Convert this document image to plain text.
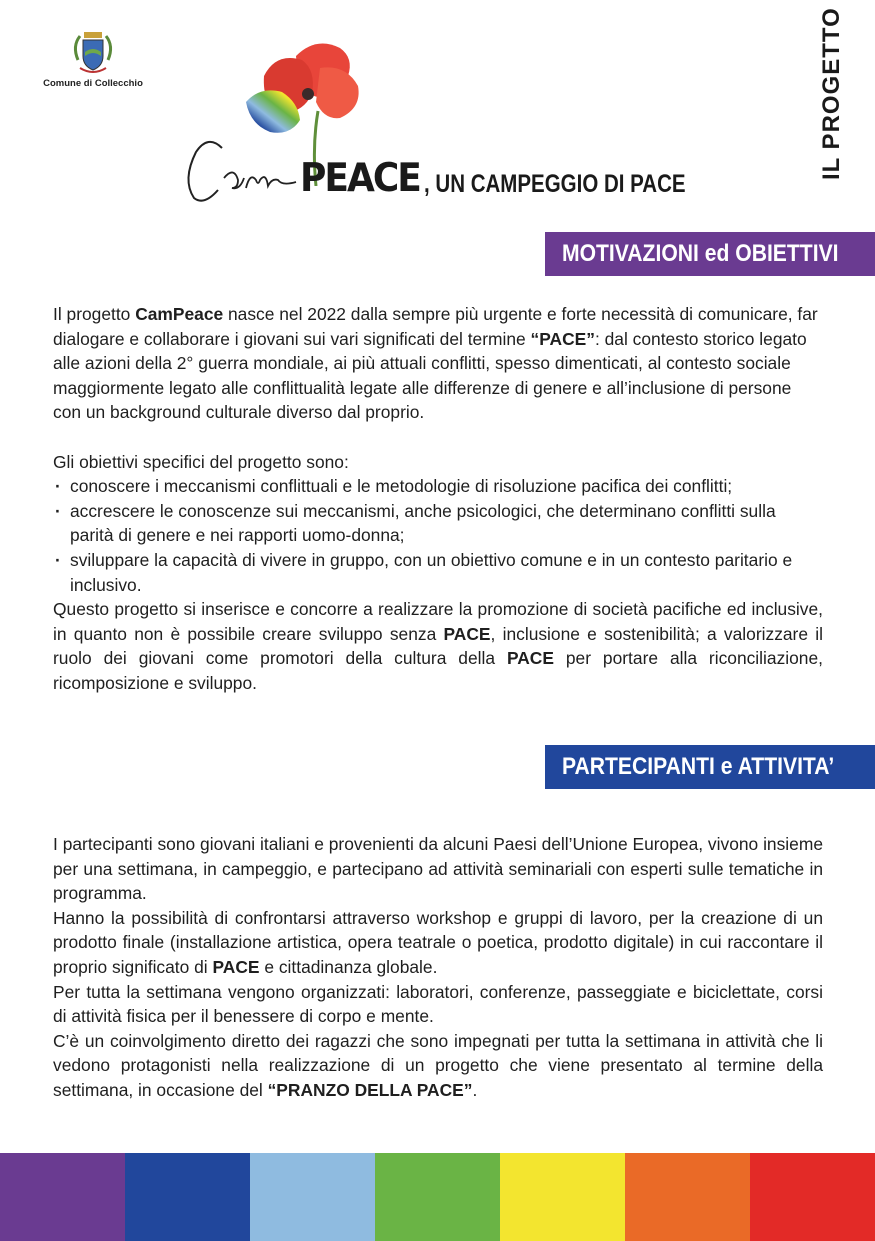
Comune di Collecchio
Cam
PEACE , UN CAMPEGGIO DI PACE
IL PROGETTO
MOTIVAZIONI ed OBIETTIVI

Il progetto CamPeace nasce nel 2022 dalla sempre più urgente e forte necessità di comunicare, far dialogare e collaborare i giovani sui vari significati del termine “PACE”: dal contesto storico legato alle azioni della 2° guerra mondiale, ai più attuali conflitti, spesso dimenticati, al contesto sociale maggiormente legato alle conflittualità legate alle differenze di genere e all’inclusione di persone con un background culturale diverso dal proprio.

Gli obiettivi specifici del progetto sono:

· conoscere i meccanismi conflittuali e le metodologie di risoluzione pacifica dei conflitti;
· accrescere le conoscenze sui meccanismi, anche psicologici, che determinano conflitti sulla parità di genere e nei rapporti uomo-donna;
· sviluppare la capacità di vivere in gruppo, con un obiettivo comune e in un contesto paritario e inclusivo.

Questo progetto si inserisce e concorre a realizzare la promozione di società pacifiche ed inclusive, in quanto non è possibile creare sviluppo senza PACE, inclusione e sostenibilità; a valorizzare il ruolo dei giovani come promotori della cultura della PACE per portare alla riconciliazione, ricomposizione e sviluppo.

PARTECIPANTI e ATTIVITA’

I partecipanti sono giovani italiani e provenienti da alcuni Paesi dell’Unione Europea, vivono insieme per una settimana, in campeggio, e partecipano ad attività seminariali con esperti sulle tematiche in programma.

Hanno la possibilità di confrontarsi attraverso workshop e gruppi di lavoro, per la creazione di un prodotto finale (installazione artistica, opera teatrale o poetica, prodotto digitale) in cui raccontare il proprio significato di PACE e cittadinanza globale.

Per tutta la settimana vengono organizzati: laboratori, conferenze, passeggiate e biciclettate, corsi di attività fisica per il benessere di corpo e mente.

C’è un coinvolgimento diretto dei ragazzi che sono impegnati per tutta la settimana in attività che li vedono protagonisti nella realizzazione di un progetto che viene presentato al termine della settimana, in occasione del “PRANZO DELLA PACE”.
